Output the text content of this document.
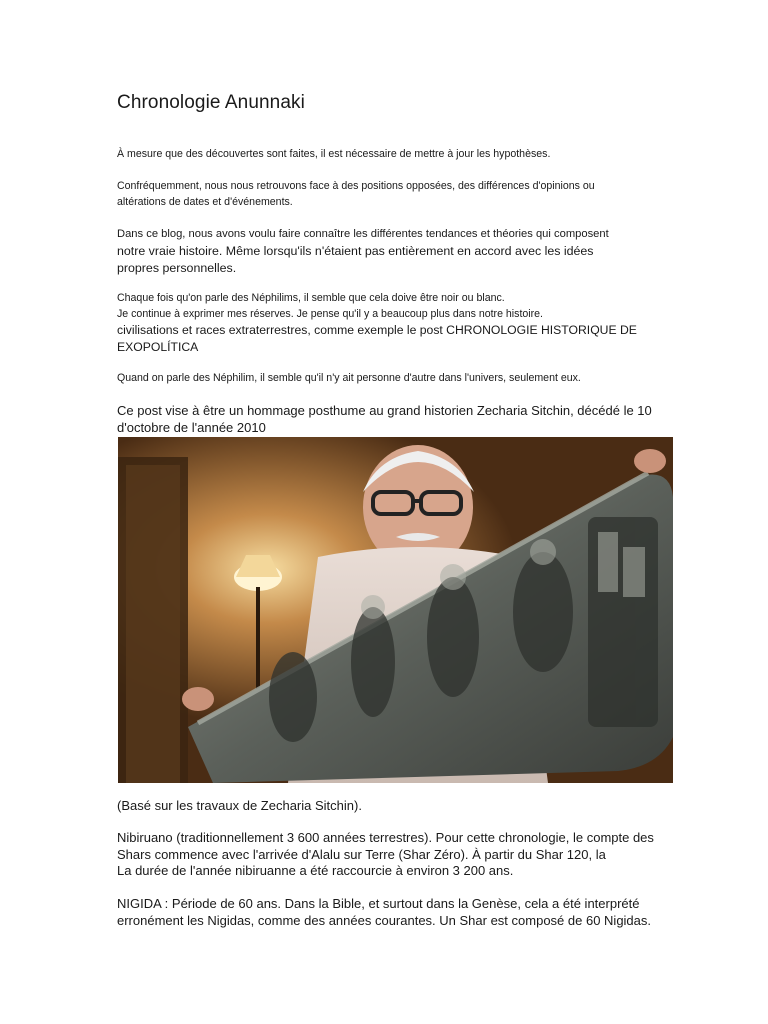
Chronologie Anunnaki

À mesure que des découvertes sont faites, il est nécessaire de mettre à jour les hypothèses.

Confréquemment, nous nous retrouvons face à des positions opposées, des différences d'opinions ou
altérations de dates et d'événements.

Dans ce blog, nous avons voulu faire connaître les différentes tendances et théories qui composent
notre vraie histoire. Même lorsqu'ils n'étaient pas entièrement en accord avec les idées
propres personnelles.

Chaque fois qu'on parle des Néphilims, il semble que cela doive être noir ou blanc.
Je continue à exprimer mes réserves. Je pense qu'il y a beaucoup plus dans notre histoire.
civilisations et races extraterrestres, comme exemple le post CHRONOLOGIE HISTORIQUE DE
EXOPOLÍTICA

Quand on parle des Néphilim, il semble qu'il n'y ait personne d'autre dans l'univers, seulement eux.

Ce post vise à être un hommage posthume au grand historien Zecharia Sitchin, décédé le 10
d'octobre de l'année 2010

(Basé sur les travaux de Zecharia Sitchin).

Nibiruano (traditionnellement 3 600 années terrestres). Pour cette chronologie, le compte des
Shars commence avec l'arrivée d'Alalu sur Terre (Shar Zéro). À partir du Shar 120, la
La durée de l'année nibiruanne a été raccourcie à environ 3 200 ans.

NIGIDA : Période de 60 ans. Dans la Bible, et surtout dans la Genèse, cela a été interprété
erronément les Nigidas, comme des années courantes. Un Shar est composé de 60 Nigidas.
